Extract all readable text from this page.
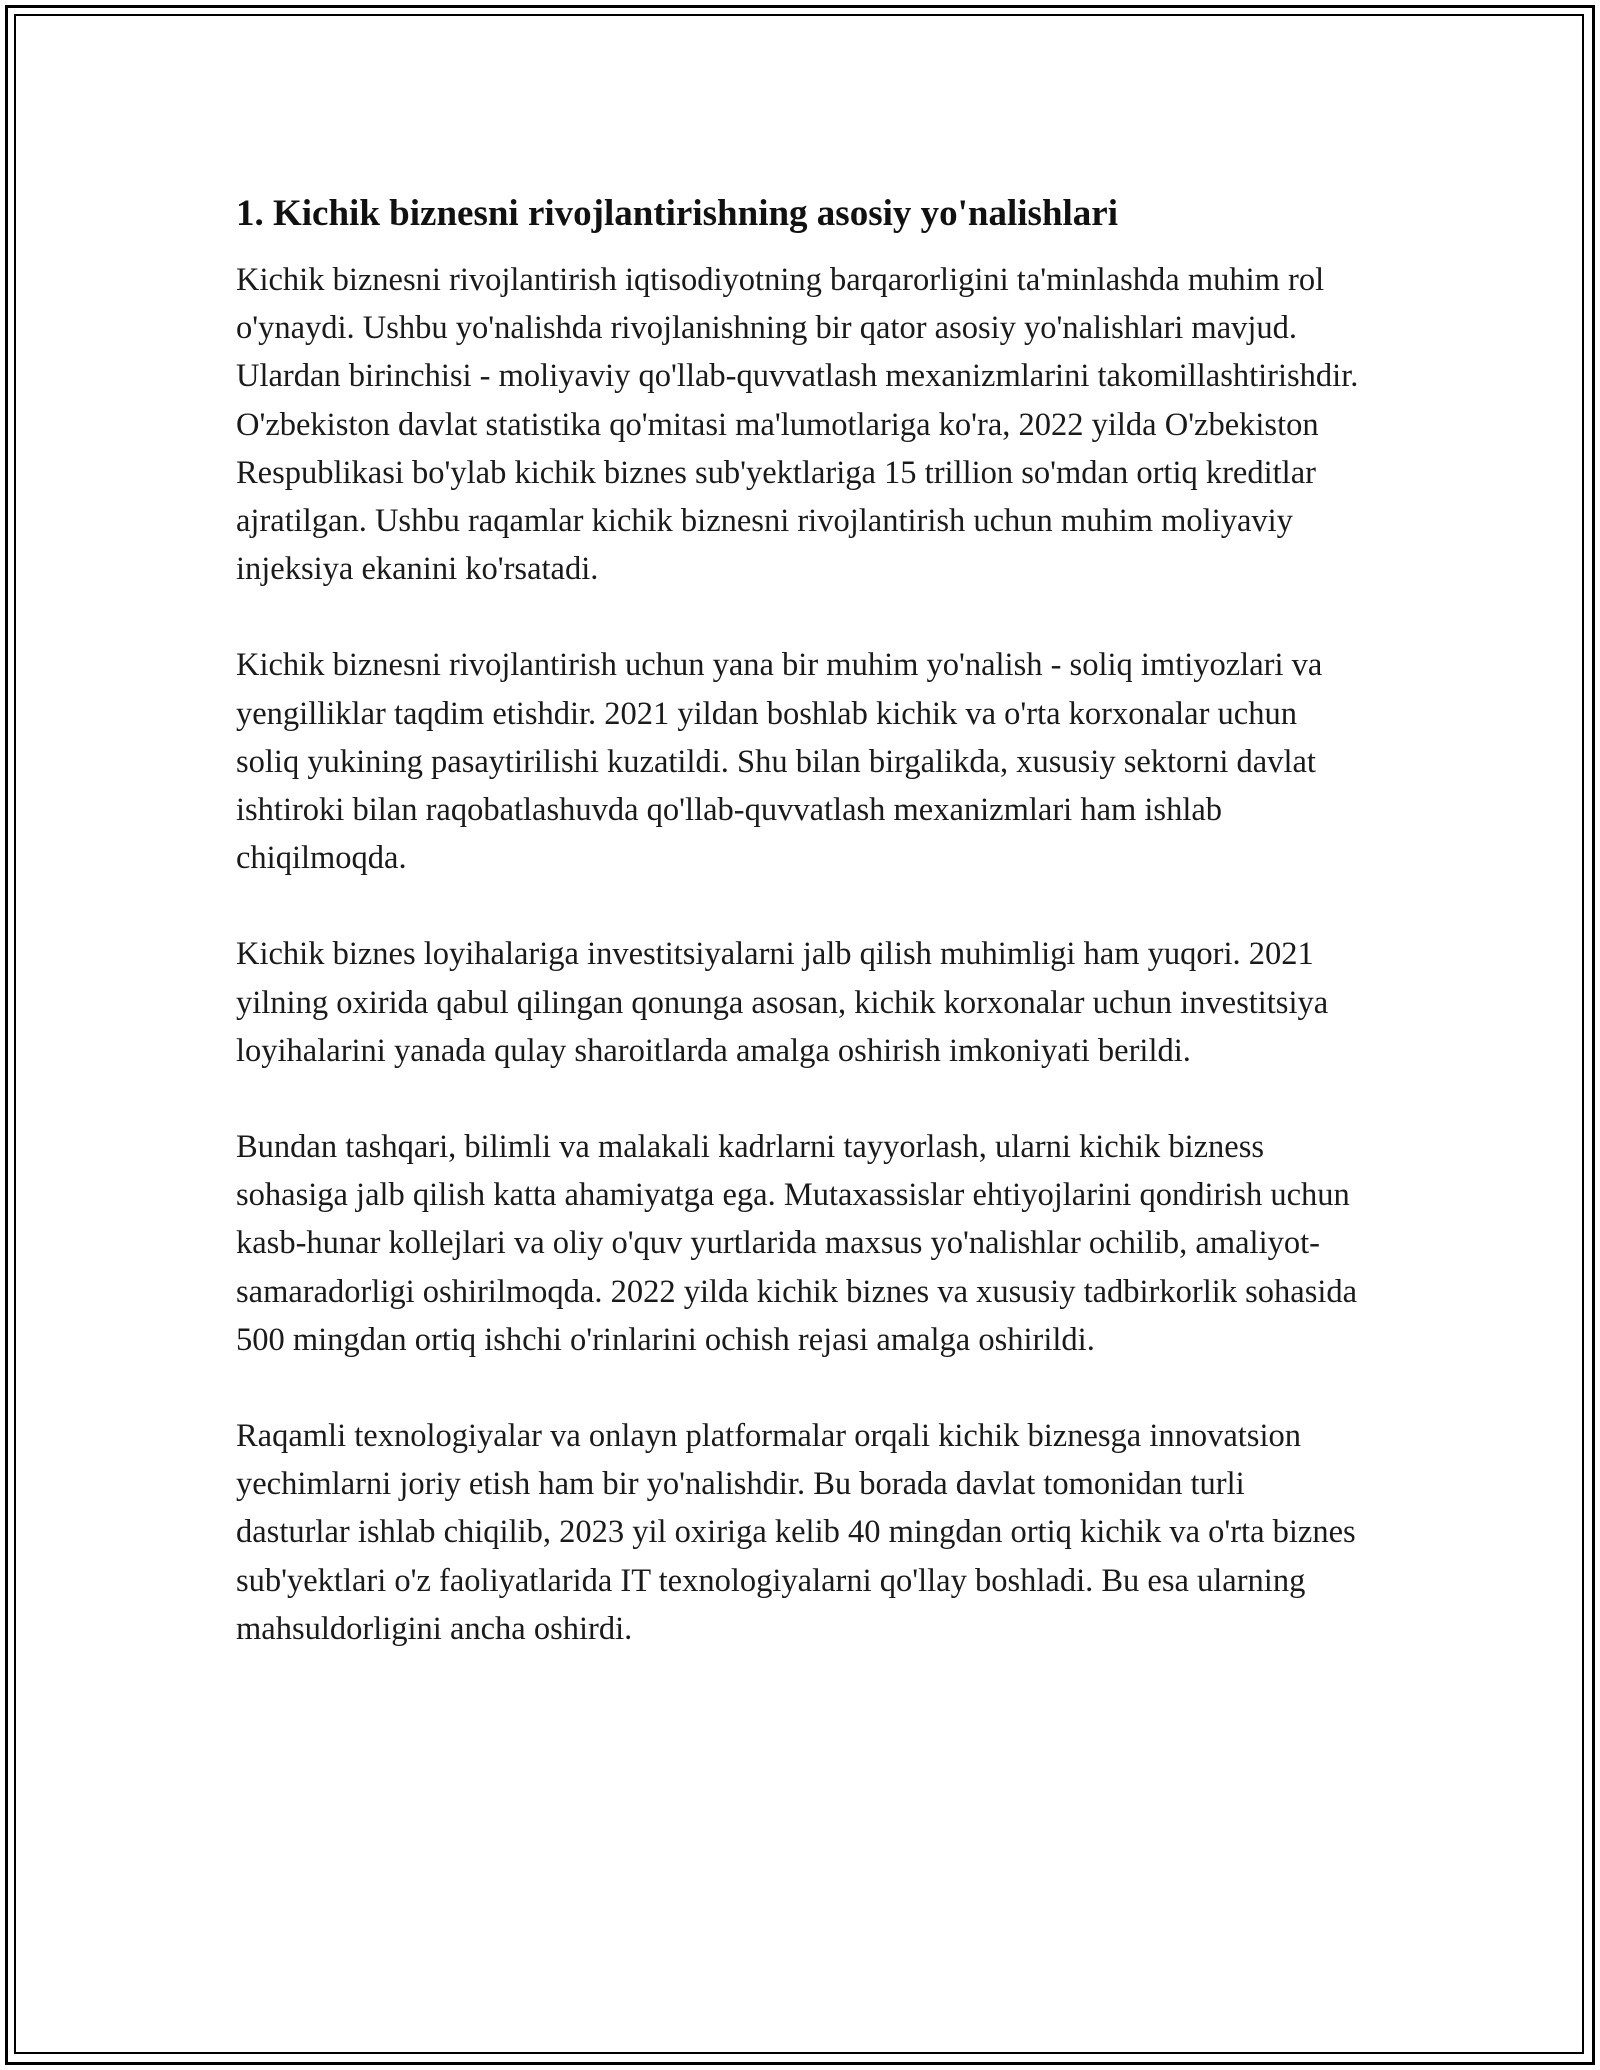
1. Kichik biznesni rivojlantirishning asosiy yo'nalishlari

Kichik biznesni rivojlantirish iqtisodiyotning barqarorligini ta'minlashda muhim rol o'ynaydi. Ushbu yo'nalishda rivojlanishning bir qator asosiy yo'nalishlari mavjud. Ulardan birinchisi - moliyaviy qo'llab-quvvatlash mexanizmlarini takomillashtirishdir. O'zbekiston davlat statistika qo'mitasi ma'lumotlariga ko'ra, 2022 yilda O'zbekiston Respublikasi bo'ylab kichik biznes sub'yektlariga 15 trillion so'mdan ortiq kreditlar ajratilgan. Ushbu raqamlar kichik biznesni rivojlantirish uchun muhim moliyaviy injeksiya ekanini ko'rsatadi.

Kichik biznesni rivojlantirish uchun yana bir muhim yo'nalish - soliq imtiyozlari va yengilliklar taqdim etishdir. 2021 yildan boshlab kichik va o'rta korxonalar uchun soliq yukining pasaytirilishi kuzatildi. Shu bilan birgalikda, xususiy sektorni davlat ishtiroki bilan raqobatlashuvda qo'llab-quvvatlash mexanizmlari ham ishlab chiqilmoqda.

Kichik biznes loyihalariga investitsiyalarni jalb qilish muhimligi ham yuqori. 2021 yilning oxirida qabul qilingan qonunga asosan, kichik korxonalar uchun investitsiya loyihalarini yanada qulay sharoitlarda amalga oshirish imkoniyati berildi.

Bundan tashqari, bilimli va malakali kadrlarni tayyorlash, ularni kichik bizness sohasiga jalb qilish katta ahamiyatga ega. Mutaxassislar ehtiyojlarini qondirish uchun kasb-hunar kollejlari va oliy o'quv yurtlarida maxsus yo'nalishlar ochilib, amaliyot-samaradorligi oshirilmoqda. 2022 yilda kichik biznes va xususiy tadbirkorlik sohasida 500 mingdan ortiq ishchi o'rinlarini ochish rejasi amalga oshirildi.

Raqamli texnologiyalar va onlayn platformalar orqali kichik biznesga innovatsion yechimlarni joriy etish ham bir yo'nalishdir. Bu borada davlat tomonidan turli dasturlar ishlab chiqilib, 2023 yil oxiriga kelib 40 mingdan ortiq kichik va o'rta biznes sub'yektlari o'z faoliyatlarida IT texnologiyalarni qo'llay boshladi. Bu esa ularning mahsuldorligini ancha oshirdi.
